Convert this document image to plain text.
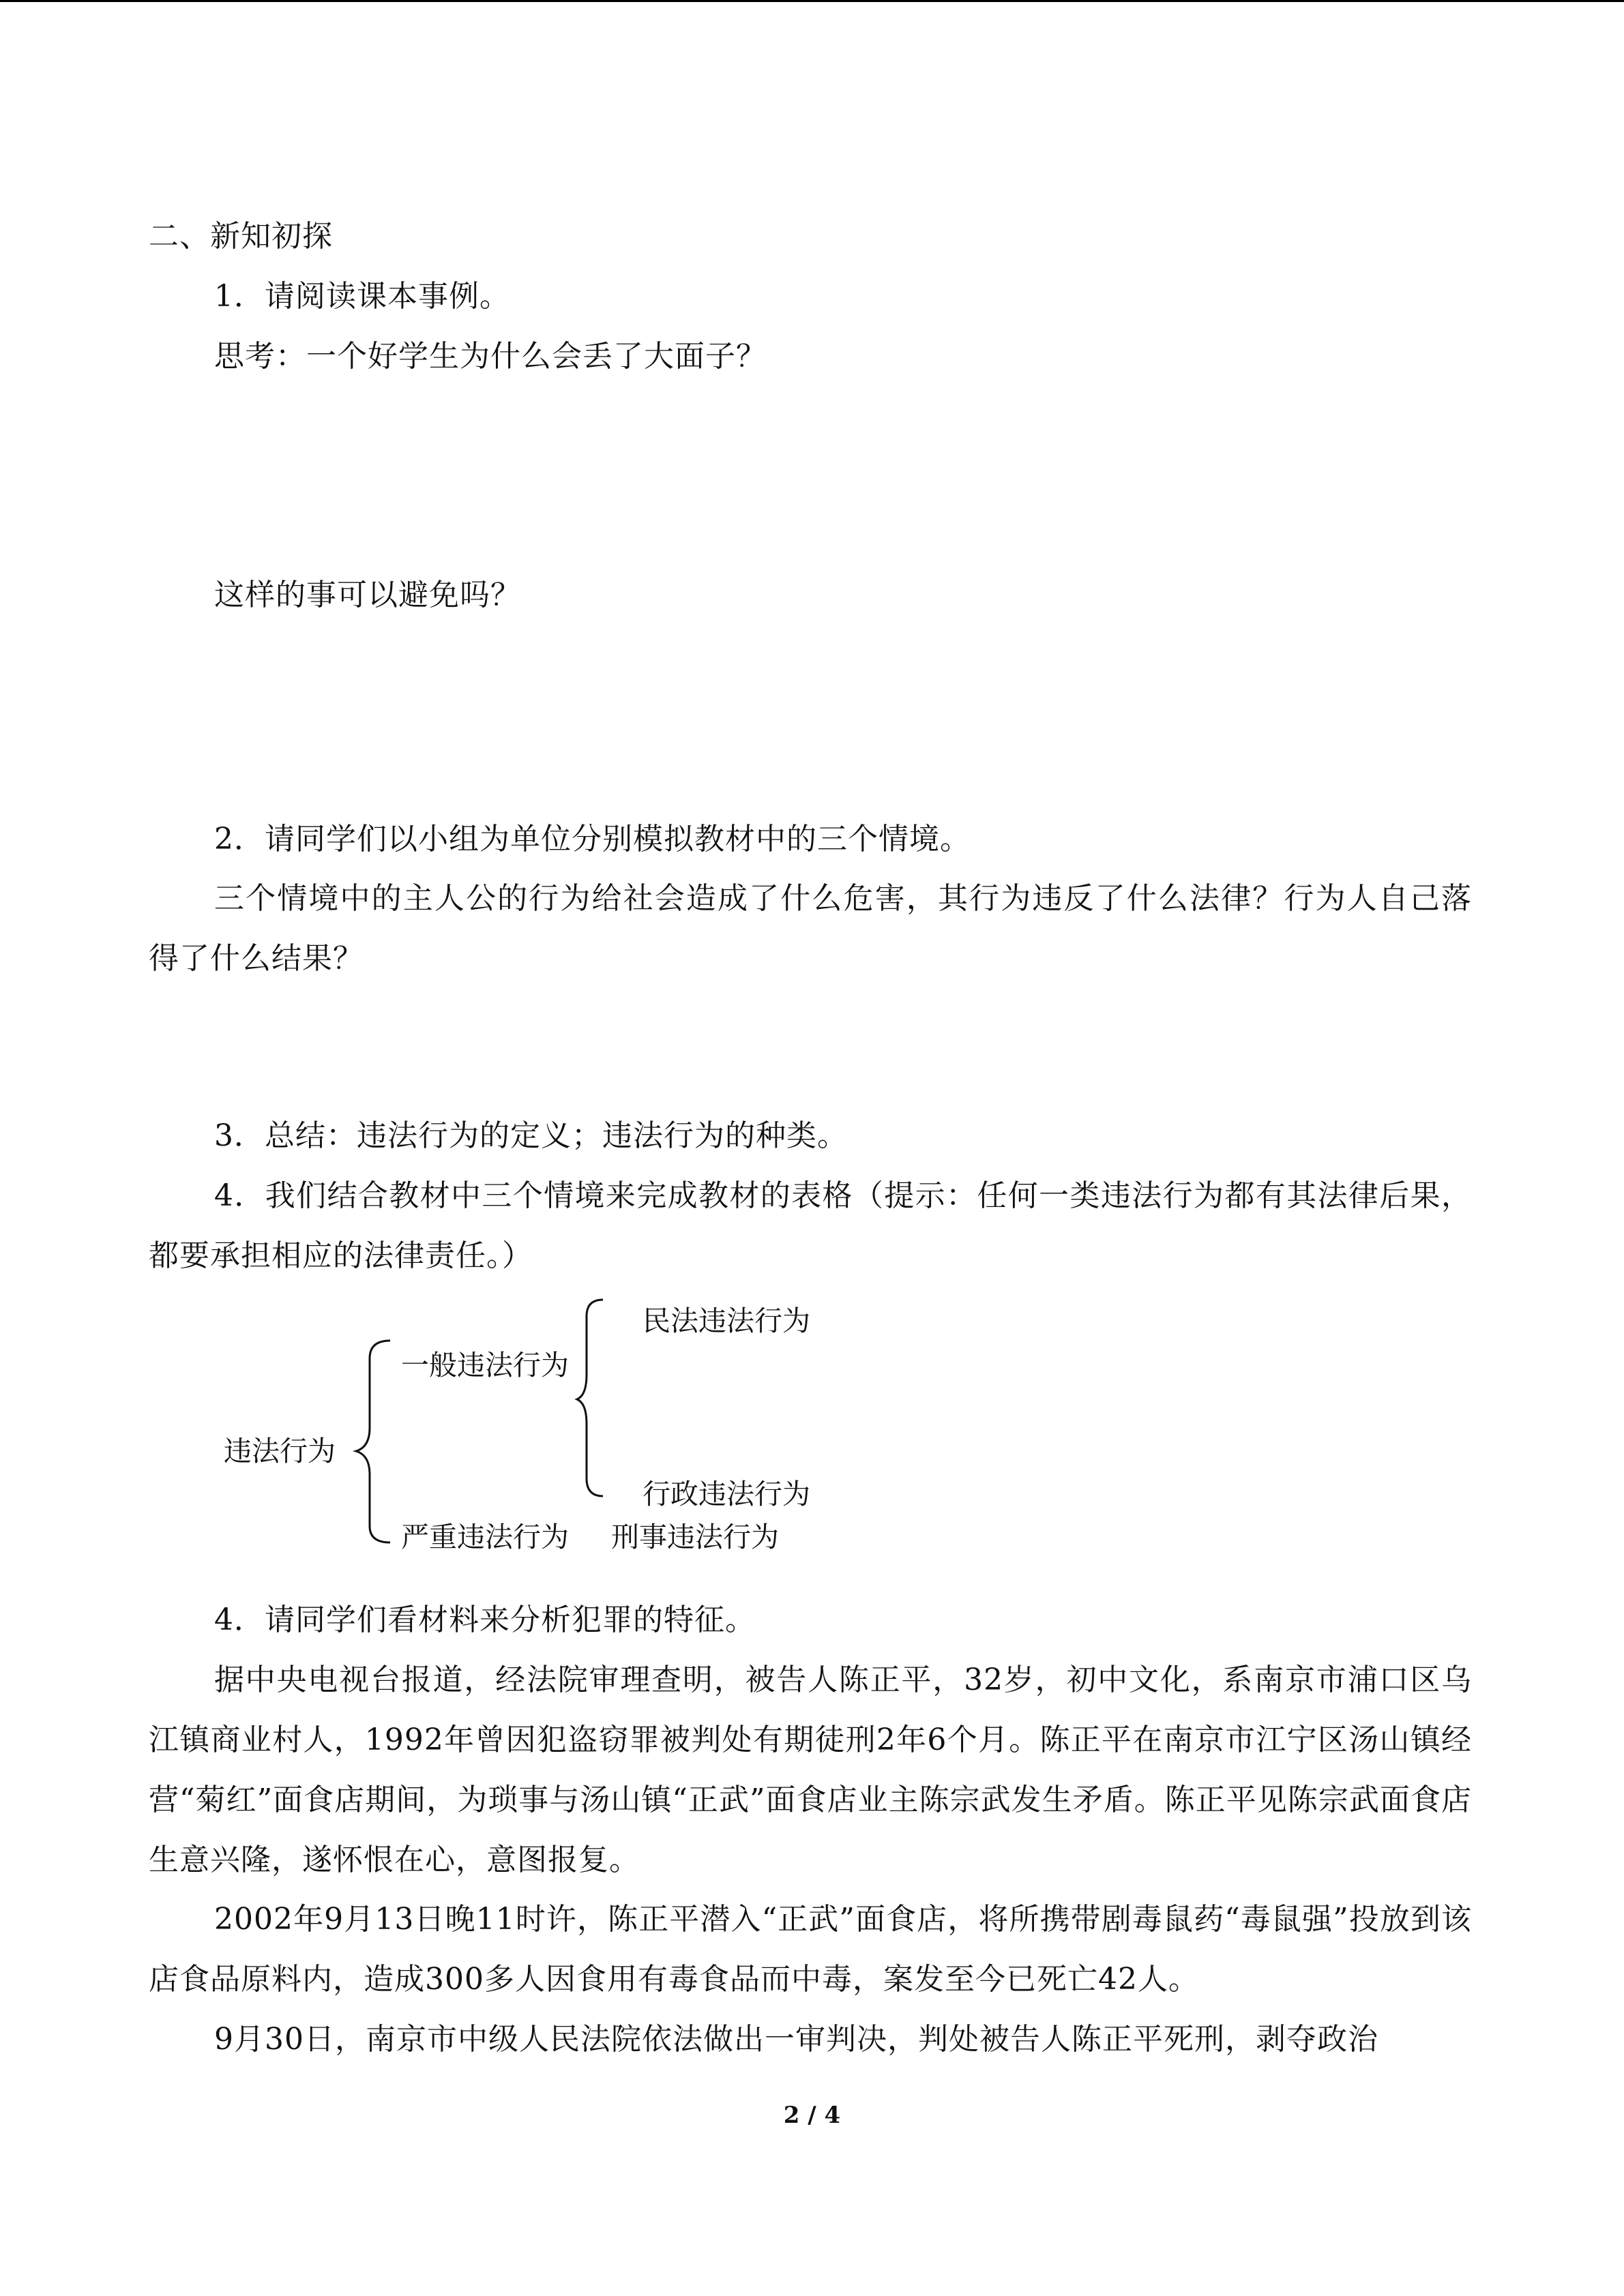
二、新知初探
1．请阅读课本事例。
思考：一个好学生为什么会丢了大面子？
这样的事可以避免吗？
2．请同学们以小组为单位分别模拟教材中的三个情境。
三个情境中的主人公的行为给社会造成了什么危害，其行为违反了什么法律？行为人自己落得了什么结果？
3．总结：违法行为的定义；违法行为的种类。
4．我们结合教材中三个情境来完成教材的表格（提示：任何一类违法行为都有其法律后果，都要承担相应的法律责任。）
违法行为
一般违法行为
民法违法行为
行政违法行为
严重违法行为 刑事违法行为
4．请同学们看材料来分析犯罪的特征。
据中央电视台报道，经法院审理查明，被告人陈正平，32岁，初中文化，系南京市浦口区乌江镇商业村人，1992年曾因犯盗窃罪被判处有期徒刑2年6个月。陈正平在南京市江宁区汤山镇经营“菊红”面食店期间，为琐事与汤山镇“正武”面食店业主陈宗武发生矛盾。陈正平见陈宗武面食店生意兴隆，遂怀恨在心，意图报复。
2002年9月13日晚11时许，陈正平潜入“正武”面食店，将所携带剧毒鼠药“毒鼠强”投放到该店食品原料内，造成300多人因食用有毒食品而中毒，案发至今已死亡42人。
9月30日，南京市中级人民法院依法做出一审判决，判处被告人陈正平死刑，剥夺政治
2 / 4
